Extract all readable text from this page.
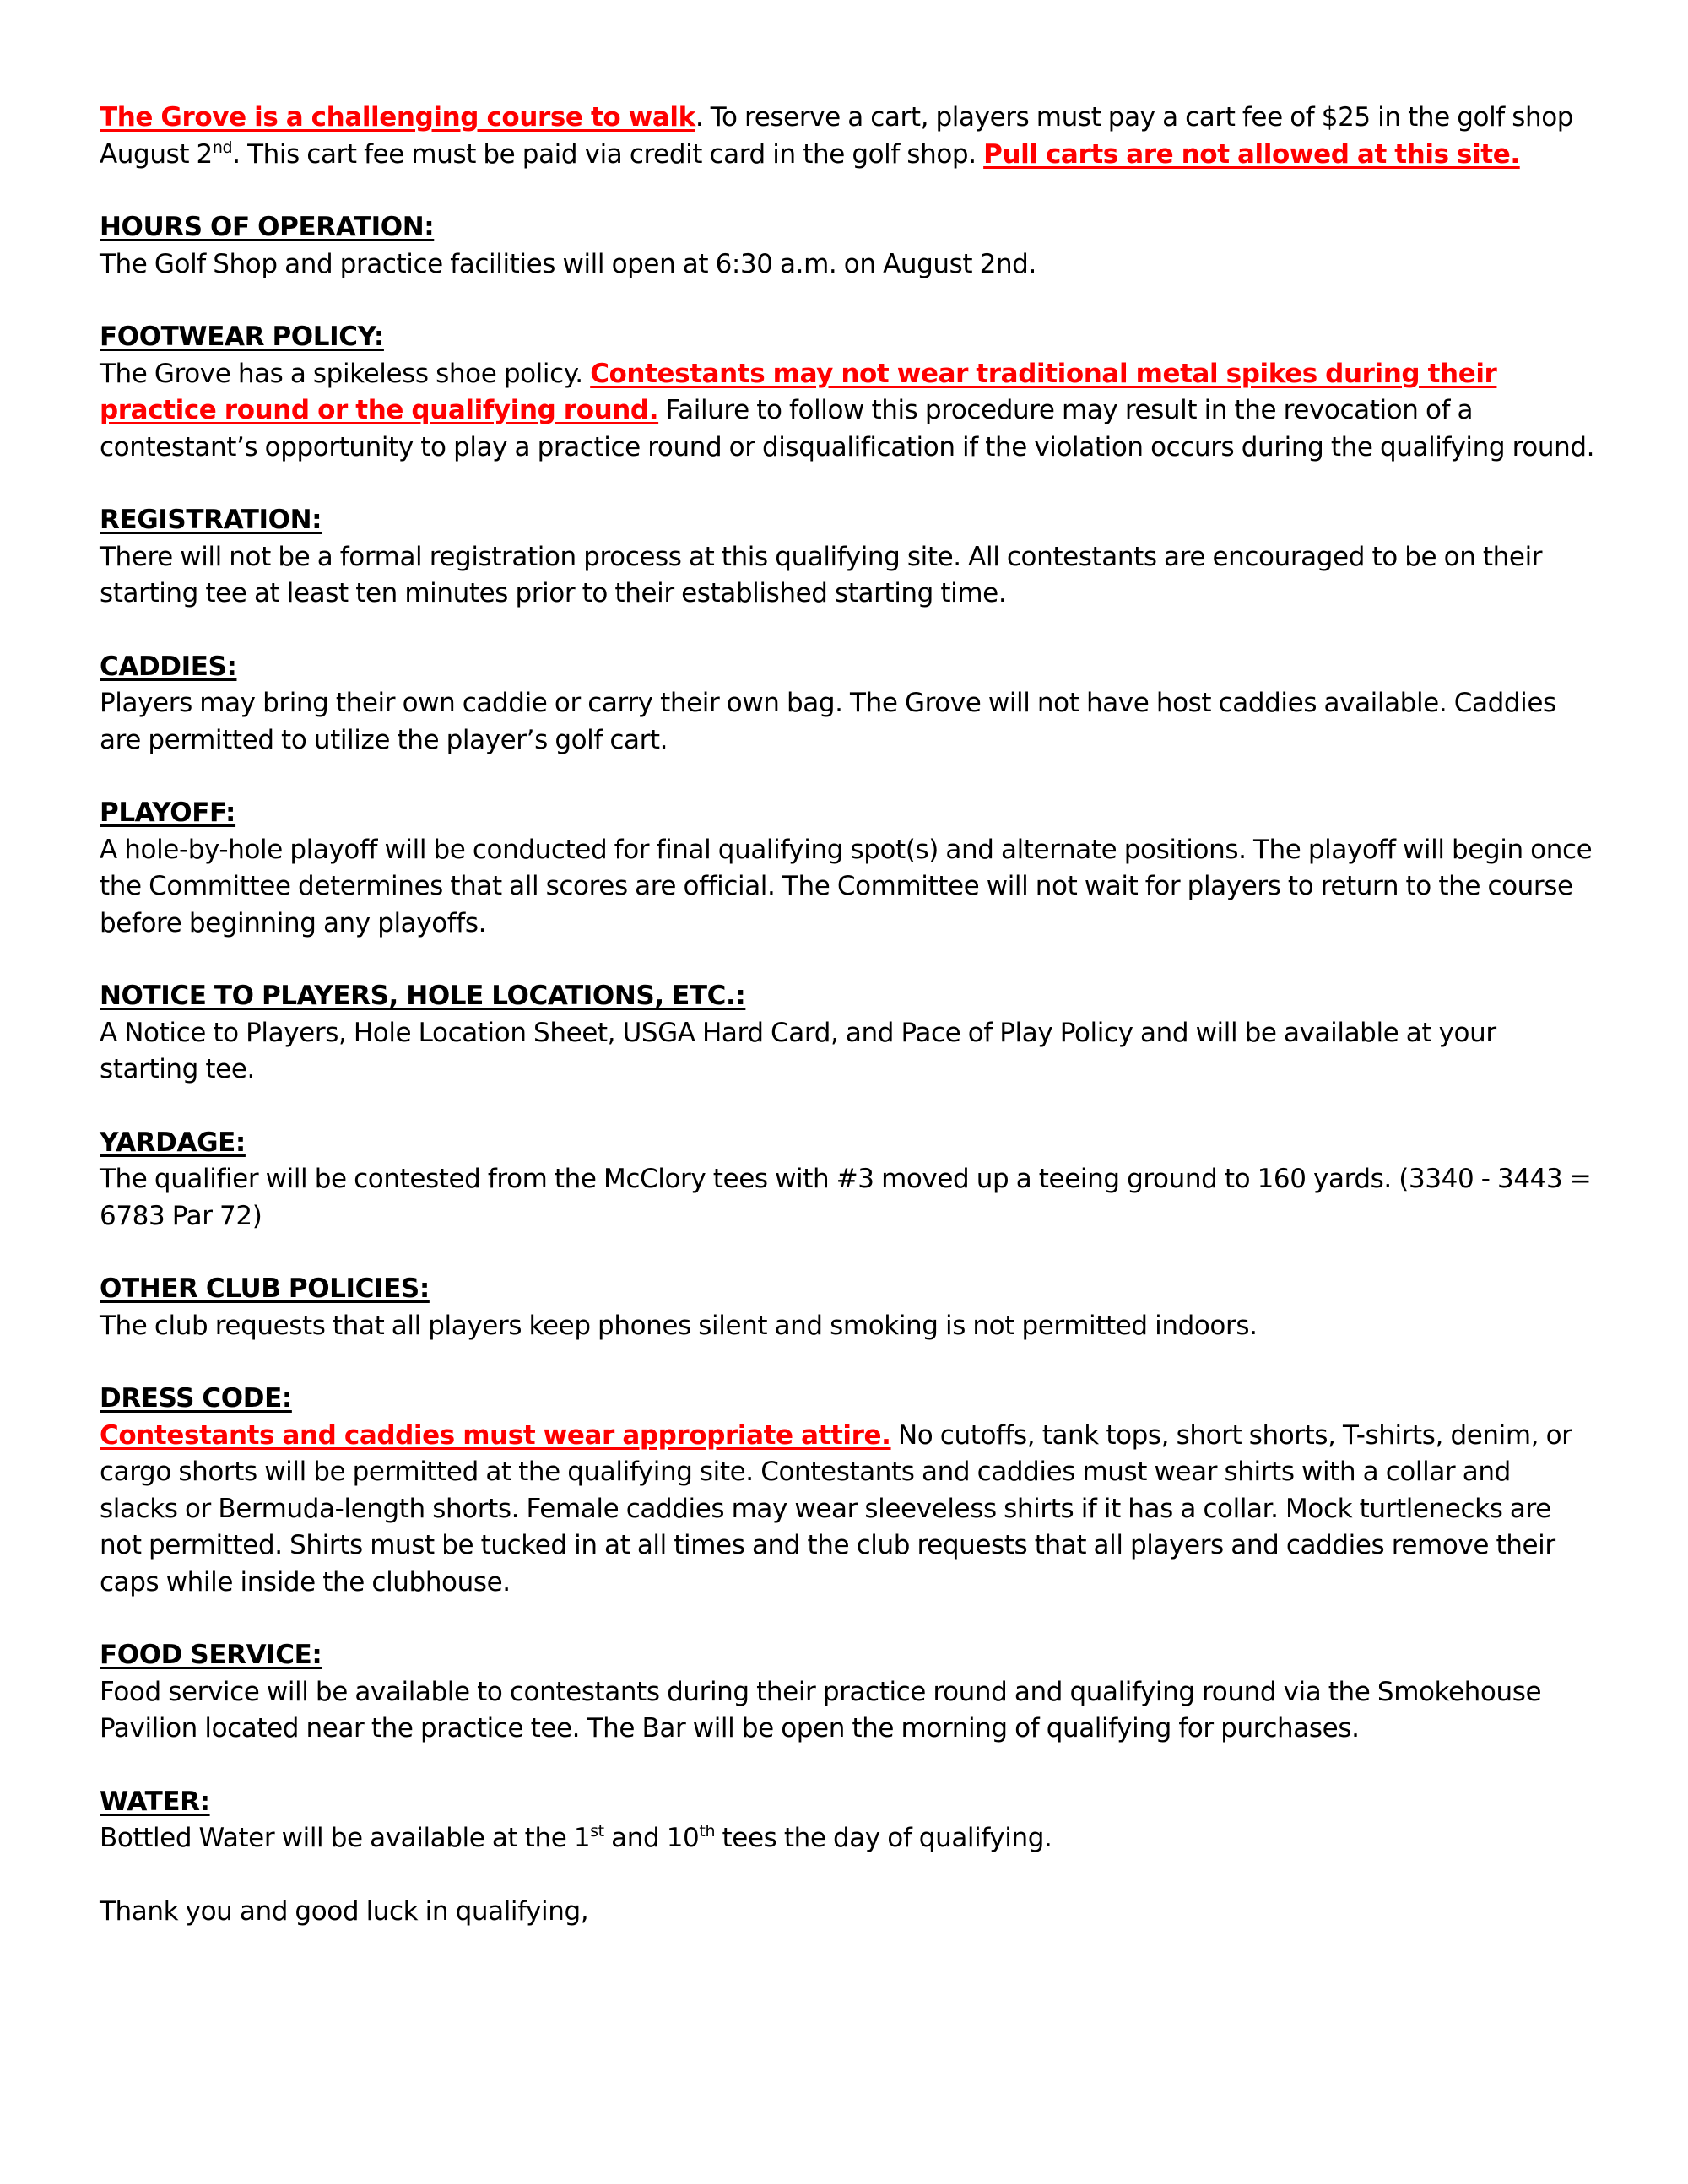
The Grove is a challenging course to walk. To reserve a cart, players must pay a cart fee of $25 in the golf shop August 2nd. This cart fee must be paid via credit card in the golf shop. Pull carts are not allowed at this site.

HOURS OF OPERATION:
The Golf Shop and practice facilities will open at 6:30 a.m. on August 2nd.

FOOTWEAR POLICY:
The Grove has a spikeless shoe policy. Contestants may not wear traditional metal spikes during their practice round or the qualifying round. Failure to follow this procedure may result in the revocation of a contestant’s opportunity to play a practice round or disqualification if the violation occurs during the qualifying round.

REGISTRATION:
There will not be a formal registration process at this qualifying site. All contestants are encouraged to be on their starting tee at least ten minutes prior to their established starting time.

CADDIES:
Players may bring their own caddie or carry their own bag. The Grove will not have host caddies available. Caddies are permitted to utilize the player’s golf cart.

PLAYOFF:
A hole-by-hole playoff will be conducted for final qualifying spot(s) and alternate positions. The playoff will begin once the Committee determines that all scores are official. The Committee will not wait for players to return to the course before beginning any playoffs.

NOTICE TO PLAYERS, HOLE LOCATIONS, ETC.:
A Notice to Players, Hole Location Sheet, USGA Hard Card, and Pace of Play Policy and will be available at your starting tee.

YARDAGE:
The qualifier will be contested from the McClory tees with #3 moved up a teeing ground to 160 yards. (3340 - 3443 = 6783 Par 72)

OTHER CLUB POLICIES:
The club requests that all players keep phones silent and smoking is not permitted indoors.

DRESS CODE:
Contestants and caddies must wear appropriate attire. No cutoffs, tank tops, short shorts, T-shirts, denim, or cargo shorts will be permitted at the qualifying site. Contestants and caddies must wear shirts with a collar and slacks or Bermuda-length shorts. Female caddies may wear sleeveless shirts if it has a collar. Mock turtlenecks are not permitted. Shirts must be tucked in at all times and the club requests that all players and caddies remove their caps while inside the clubhouse.

FOOD SERVICE:
Food service will be available to contestants during their practice round and qualifying round via the Smokehouse Pavilion located near the practice tee. The Bar will be open the morning of qualifying for purchases.

WATER:
Bottled Water will be available at the 1st and 10th tees the day of qualifying.

Thank you and good luck in qualifying,
